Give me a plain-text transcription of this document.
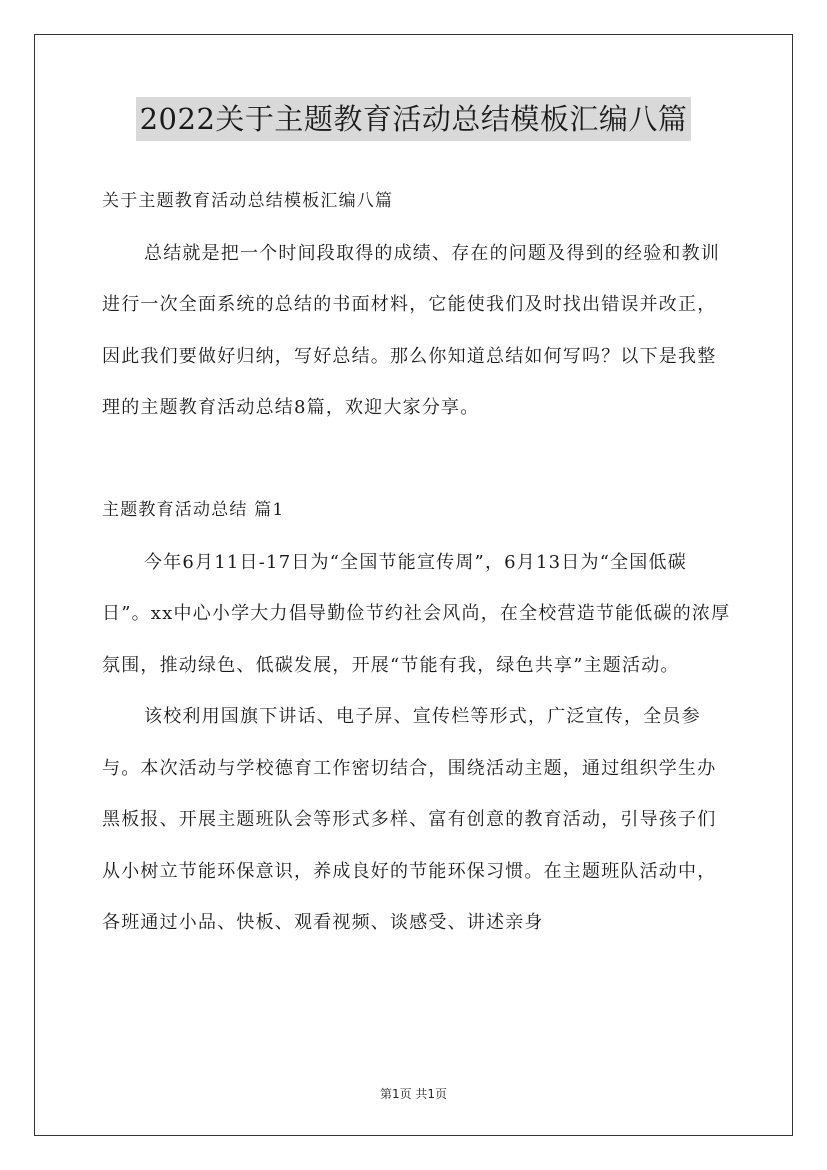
2022关于主题教育活动总结模板汇编八篇

关于主题教育活动总结模板汇编八篇

总结就是把一个时间段取得的成绩、存在的问题及得到的经验和教训进行一次全面系统的总结的书面材料，它能使我们及时找出错误并改正，因此我们要做好归纳，写好总结。那么你知道总结如何写吗？以下是我整理的主题教育活动总结8篇，欢迎大家分享。

主题教育活动总结 篇1

今年6月11日-17日为“全国节能宣传周”，6月13日为“全国低碳日”。xx中心小学大力倡导勤俭节约社会风尚，在全校营造节能低碳的浓厚氛围，推动绿色、低碳发展，开展“节能有我，绿色共享”主题活动。

该校利用国旗下讲话、电子屏、宣传栏等形式，广泛宣传，全员参与。本次活动与学校德育工作密切结合，围绕活动主题，通过组织学生办黑板报、开展主题班队会等形式多样、富有创意的教育活动，引导孩子们从小树立节能环保意识，养成良好的节能环保习惯。在主题班队活动中，各班通过小品、快板、观看视频、谈感受、讲述亲身

第1页 共1页
